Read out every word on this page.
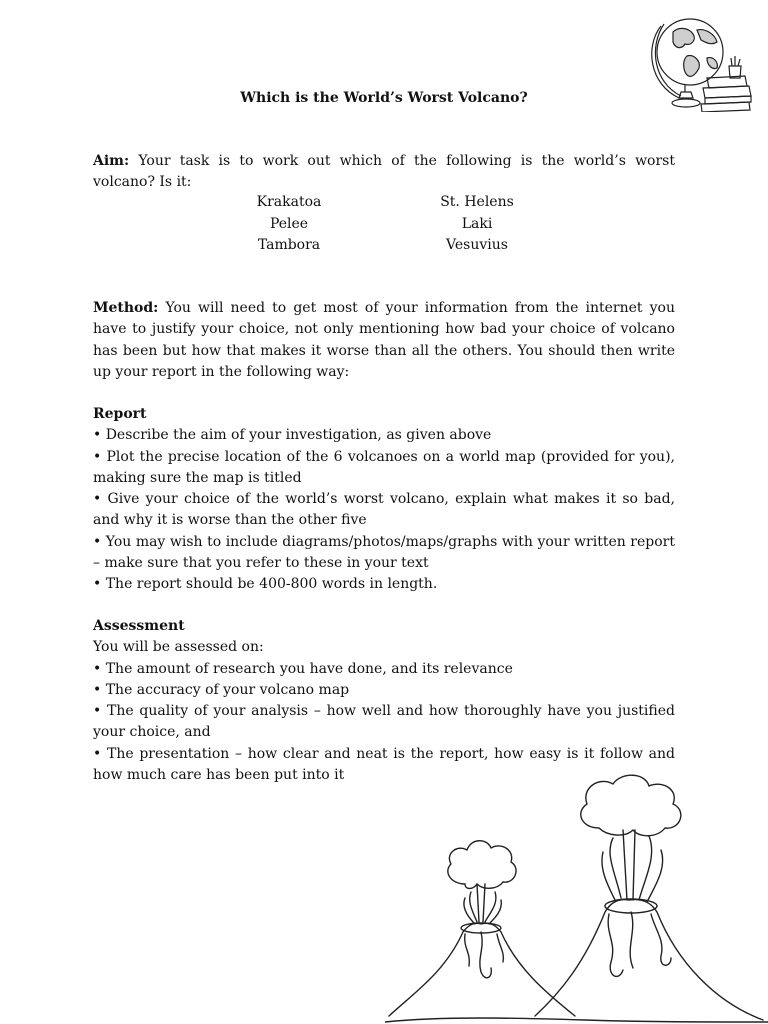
Which is the World’s Worst Volcano?

Aim: Your task is to work out which of the following is the world’s worst volcano? Is it:

Krakatoa
Pelee
Tambora
St. Helens
Laki
Vesuvius

Method: You will need to get most of your information from the internet you have to justify your choice, not only mentioning how bad your choice of volcano has been but how that makes it worse than all the others. You should then write up your report in the following way:

Report

• Describe the aim of your investigation, as given above

• Plot the precise location of the 6 volcanoes on a world map (provided for you), making sure the map is titled

• Give your choice of the world’s worst volcano, explain what makes it so bad, and why it is worse than the other five

• You may wish to include diagrams/photos/maps/graphs with your written report – make sure that you refer to these in your text

• The report should be 400-800 words in length.

Assessment

You will be assessed on:

• The amount of research you have done, and its relevance

• The accuracy of your volcano map

• The quality of your analysis – how well and how thoroughly have you justified your choice, and

• The presentation – how clear and neat is the report, how easy is it follow and how much care has been put into it
